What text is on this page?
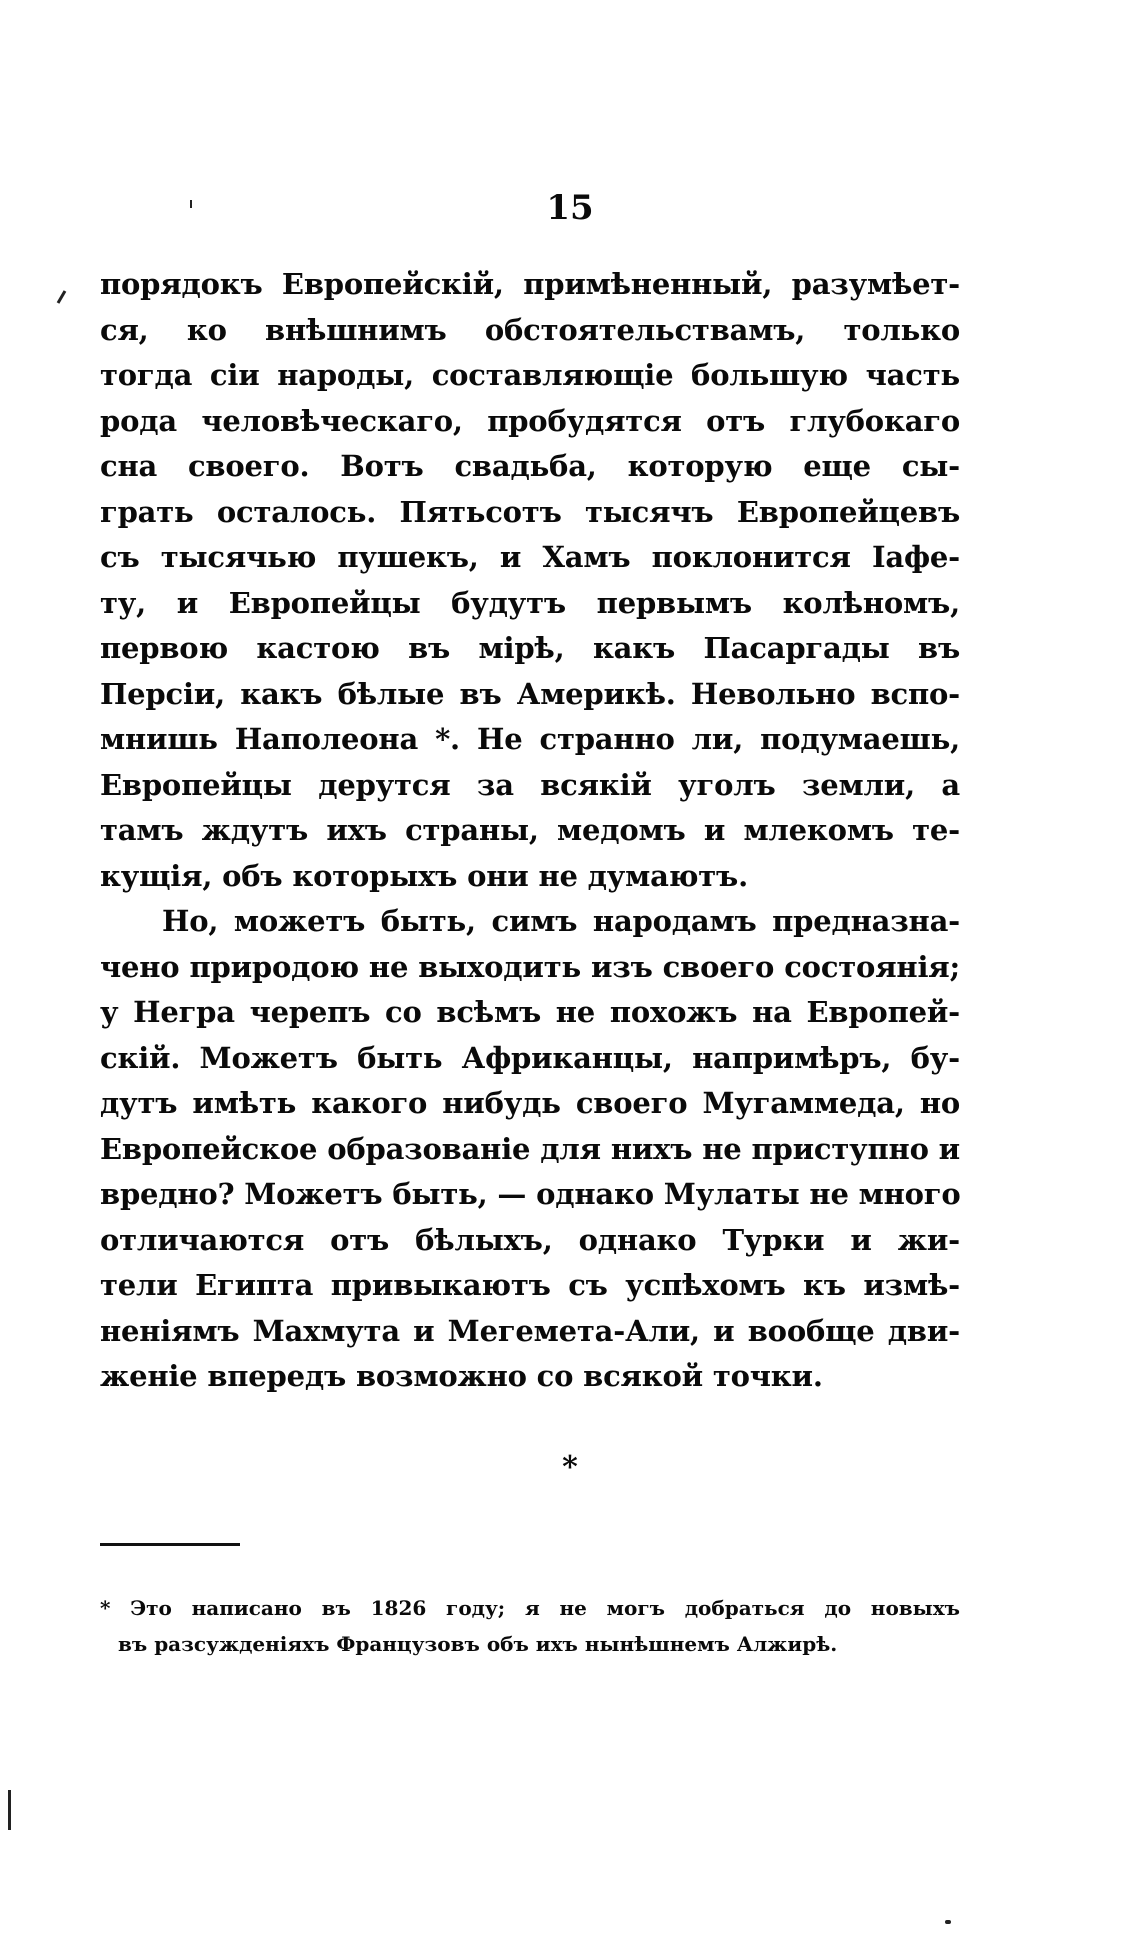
15
порядокъ Европейскій, примѣненный, разумѣет-
ся, ко внѣшнимъ обстоятельствамъ, только
тогда сіи народы, составляющіе большую часть
рода человѣческаго, пробудятся отъ глубокаго
сна своего. Вотъ свадьба, которую еще сы-
грать осталось. Пятьсотъ тысячъ Европейцевъ
съ тысячью пушекъ, и Хамъ поклонится Іафе-
ту, и Европейцы будутъ первымъ колѣномъ,
первою кастою въ мірѣ, какъ Пасаргады въ
Персіи, какъ бѣлые въ Америкѣ. Невольно вспо-
мнишь Наполеона *. Не странно ли, подумаешь,
Европейцы дерутся за всякій уголъ земли, а
тамъ ждутъ ихъ страны, медомъ и млекомъ те-
кущія, объ которыхъ они не думаютъ.
Но, можетъ быть, симъ народамъ предназна-
чено природою не выходить изъ своего состоянія;
у Негра черепъ со всѣмъ не похожъ на Европей-
скій. Можетъ быть Африканцы, напримѣръ, бу-
дутъ имѣть какого нибудь своего Мугаммеда, но
Европейское образованіе для нихъ не приступно и
вредно? Можетъ быть, — однако Мулаты не много
отличаются отъ бѣлыхъ, однако Турки и жи-
тели Египта привыкаютъ съ успѣхомъ къ измѣ-
неніямъ Махмута и Мегемета-Али, и вообще дви-
женіе впередъ возможно со всякой точки.
*
* Это написано въ 1826 году; я не могъ добраться до новыхъ
въ разсужденіяхъ Французовъ объ ихъ нынѣшнемъ Алжирѣ.
